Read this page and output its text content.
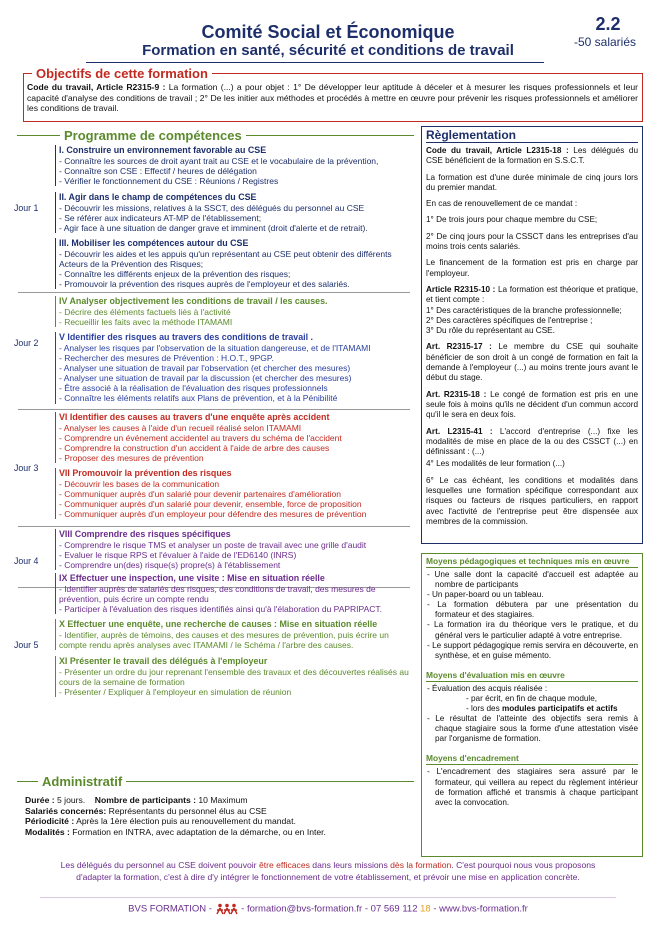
Comité Social et Économique
Formation en santé, sécurité et conditions de travail
2.2
-50 salariés
Objectifs de cette formation
Code du travail, Article R2315-9 : La formation (...) a pour objet : 1° De développer leur aptitude à déceler et à mesurer les risques professionnels et leur capacité d'analyse des conditions de travail ; 2° De les initier aux méthodes et procédés à mettre en œuvre pour prévenir les risques professionnels et améliorer les conditions de travail.
Programme de compétences
Jour 1
Jour 2
Jour 3
Jour 4
Jour 5
I. Construire un environnement favorable au CSE
- Connaître les sources de droit ayant trait au CSE et le vocabulaire de la prévention,
- Connaître son CSE : Effectif / heures de délégation
- Vérifier le fonctionnement du CSE : Réunions / Registres
II. Agir dans le champ de compétences du CSE
- Découvrir les missions, relatives à la SSCT, des délégués du personnel au CSE
- Se référer aux indicateurs AT-MP de l'établissement;
- Agir face à une situation de danger grave et imminent (droit d'alerte et de retrait).
III. Mobiliser les compétences autour du CSE
- Découvrir les aides et les appuis qu'un représentant au CSE peut obtenir des différents Acteurs de la Prévention des Risques;
- Connaître les différents enjeux de la prévention des risques;
- Promouvoir la prévention des risques auprès de l'employeur et des salariés.
IV Analyser objectivement les conditions de travail / les causes.
- Décrire des éléments factuels liés à l'activité
- Recueillir les faits avec la méthode ITAMAMI
V Identifier des risques au travers des conditions de travail .
- Analyser les risques par l'observation de la situation dangereuse, et de l'ITAMAMI
- Rechercher des mesures de Prévention : H.O.T., 9PGP.
- Analyser une situation de travail par l'observation (et chercher des mesures)
- Analyser une situation de travail par la discussion (et chercher des mesures)
- Être associé à la réalisation de l'évaluation des risques professionnels
- Connaître les éléments relatifs aux Plans de prévention, et à la Pénibilité
VI Identifier des causes au travers d'une enquête après accident
- Analyser les causes à l'aide d'un recueil réalisé selon ITAMAMI
- Comprendre un événement accidentel au travers du schéma de l'accident
- Comprendre la construction d'un accident à l'aide de arbre des causes
- Proposer des mesures de prévention
VII Promouvoir la prévention des risques
- Découvrir les bases de la communication
- Communiquer auprès d'un salarié pour devenir partenaires d'amélioration
- Communiquer auprès d'un salarié pour devenir, ensemble, force de proposition
- Communiquer auprès d'un employeur pour défendre des mesures de prévention
VIII Comprendre des risques spécifiques
- Comprendre le risque TMS et analyser un poste de travail avec une grille d'audit
- Evaluer le risque RPS et l'évaluer à l'aide de l'ED6140 (INRS)
- Comprendre un(des) risque(s) propre(s) à l'établissement
IX Effectuer une inspection, une visite : Mise en situation réelle
- Identifier auprès de salariés des risques, des conditions de travail, des mesures de prévention, puis écrire un compte rendu
- Participer à l'évaluation des risques identifiés ainsi qu'à l'élaboration du PAPRIPACT.
X Effectuer une enquête, une recherche de causes : Mise en situation réelle
- Identifier, auprès de témoins, des causes et des mesures de prévention, puis écrire un compte rendu après analyses avec ITAMAMI / le Schéma / l'arbre des causes.
XI Présenter le travail des délégués à l'employeur
- Présenter un ordre du jour reprenant l'ensemble des travaux et des découvertes réalisés au cours de la semaine de formation
- Présenter / Expliquer à l'employeur en simulation de réunion
Règlementation

Code du travail, Article L2315-18 : Les délégués du CSE bénéficient de la formation en S.S.C.T.

La formation est d'une durée minimale de cinq jours lors du premier mandat.

En cas de renouvellement de ce mandat :

1° De trois jours pour chaque membre du CSE;

2° De cinq jours pour la CSSCT dans les entreprises d'au moins trois cents salariés.

Le financement de la formation est pris en charge par l'employeur.

Article R2315-10 : La formation est théorique et pratique, et tient compte :

1° Des caractéristiques de la branche professionnelle;

2° Des caractères spécifiques de l'entreprise ;

3° Du rôle du représentant au CSE.

Art. R2315-17 : Le membre du CSE qui souhaite bénéficier de son droit à un congé de formation en fait la demande à l'employeur (...) au moins trente jours avant le début du stage.

Art. R2315-18 : Le congé de formation est pris en une seule fois à moins qu'ils ne décident d'un commun accord qu'il le sera en deux fois.

Art. L2315-41 : L'accord d'entreprise (...) fixe les modalités de mise en place de la ou des CSSCT (...) en définissant : (...)

4° Les modalités de leur formation (...)

6° Le cas échéant, les conditions et modalités dans lesquelles une formation spécifique correspondant aux risques ou facteurs de risques particuliers, en rapport avec l'activité de l'entreprise peut être dispensée aux membres de la commission.

Moyens pédagogiques et techniques mis en œuvre
- Une salle dont la capacité d'accueil est adaptée au nombre de participants
- Un paper-board ou un tableau.
- La formation débutera par une présentation du formateur et des stagiaires.
- La formation ira du théorique vers le pratique, et du général vers le particulier adapté à votre entreprise.
- Le support pédagogique remis servira en découverte, en synthèse, et en guise mémento.
Moyens d'évaluation mis en œuvre
- Évaluation des acquis réalisée :
- par écrit, en fin de chaque module,
- lors des modules participatifs et actifs
- Le résultat de l'atteinte des objectifs sera remis à chaque stagiaire sous la forme d'une attestation visée par l'organisme de formation.
Moyens d'encadrement
- L'encadrement des stagiaires sera assuré par le formateur, qui veillera au repect du règlement intérieur de formation affiché et transmis à chaque participant avec la convocation.
Administratif
Durée : 5 jours. Nombre de participants : 10 Maximum
Salariés concernés: Représentants du personnel élus au CSE
Périodicité : Après la 1ère élection puis au renouvellement du mandat.
Modalités : Formation en INTRA, avec adaptation de la démarche, ou en Inter.
Les délégués du personnel au CSE doivent pouvoir être efficaces dans leurs missions dès la formation. C'est pourquoi nous vous proposons
d'adapter la formation, c'est à dire d'y intégrer le fonctionnement de votre établissement, et prévoir une mise en application concrète.
BVS FORMATION -	- formation@bvs-formation.fr - 07 569 112 18 - www.bvs-formation.fr
